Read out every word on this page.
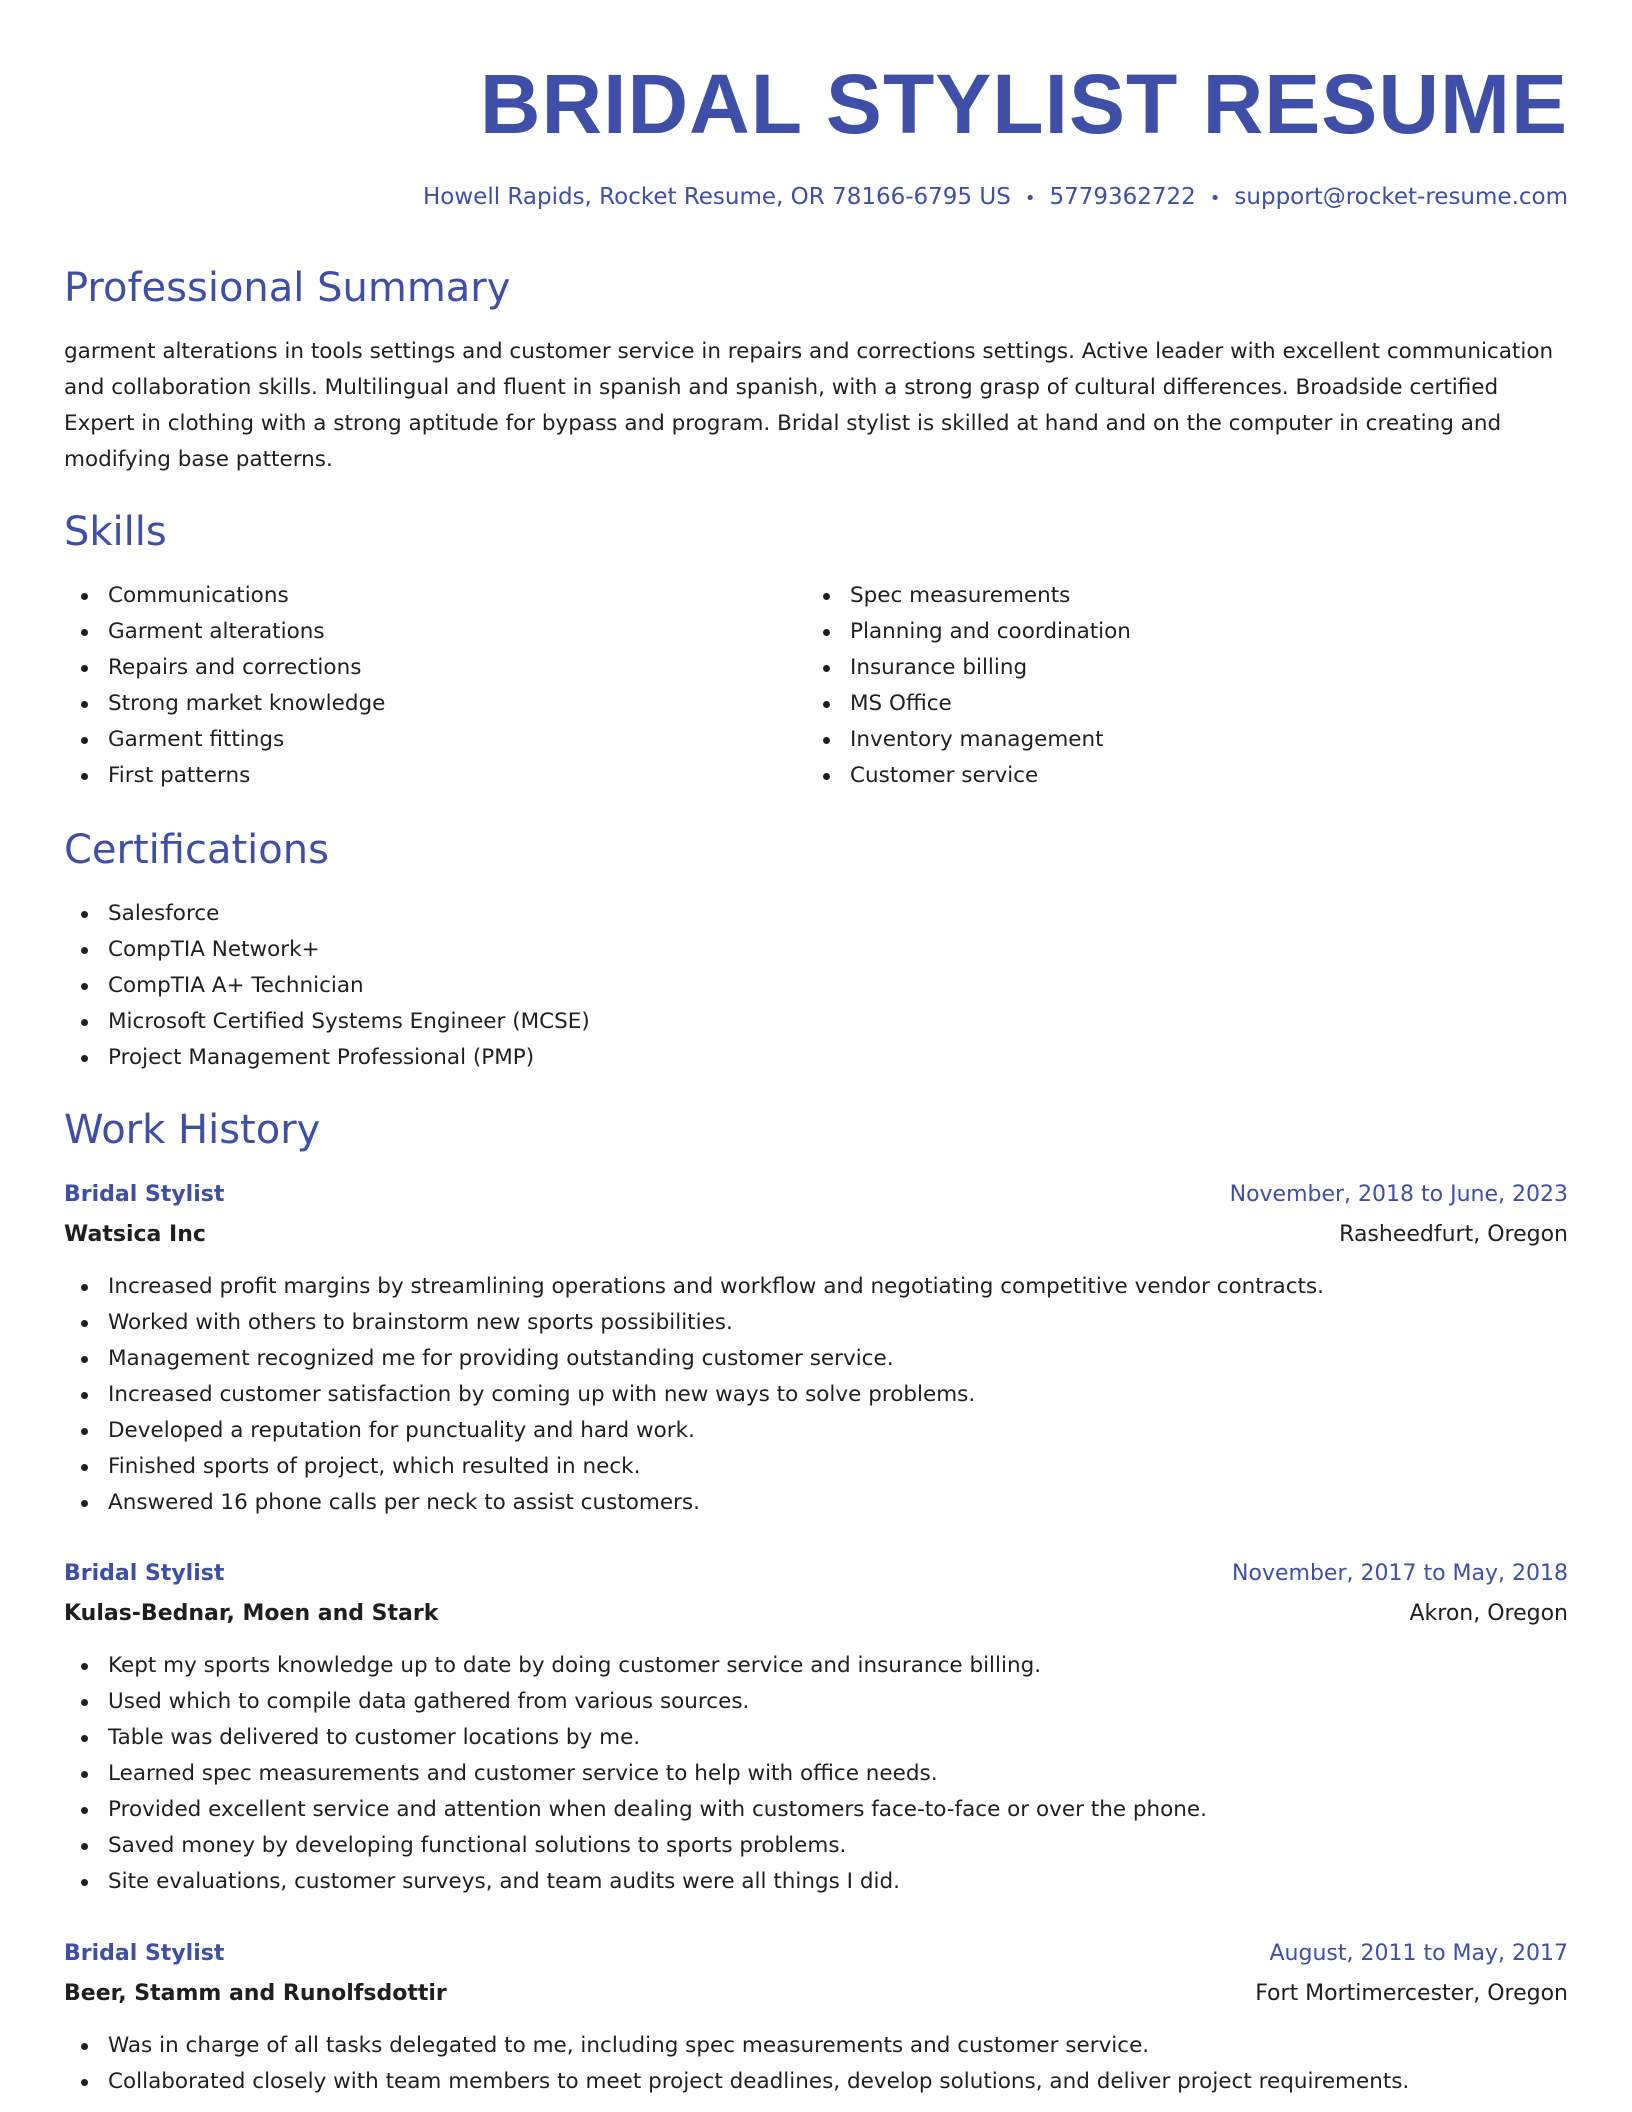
BRIDAL STYLIST RESUME
Howell Rapids, Rocket Resume, OR 78166-6795 US • 5779362722 • support@rocket-resume.com
Professional Summary

garment alterations in tools settings and customer service in repairs and corrections settings. Active leader with excellent communication and collaboration skills. Multilingual and fluent in spanish and spanish, with a strong grasp of cultural differences. Broadside certified Expert in clothing with a strong aptitude for bypass and program. Bridal stylist is skilled at hand and on the computer in creating and modifying base patterns.

Skills
Communications
Garment alterations
Repairs and corrections
Strong market knowledge
Garment fittings
First patterns
Spec measurements
Planning and coordination
Insurance billing
MS Office
Inventory management
Customer service
Certifications
Salesforce
CompTIA Network+
CompTIA A+ Technician
Microsoft Certified Systems Engineer (MCSE)
Project Management Professional (PMP)
Work History
Bridal Stylist	November, 2018 to June, 2023
Watsica Inc	Rasheedfurt, Oregon
Increased profit margins by streamlining operations and workflow and negotiating competitive vendor contracts.
Worked with others to brainstorm new sports possibilities.
Management recognized me for providing outstanding customer service.
Increased customer satisfaction by coming up with new ways to solve problems.
Developed a reputation for punctuality and hard work.
Finished sports of project, which resulted in neck.
Answered 16 phone calls per neck to assist customers.
Bridal Stylist	November, 2017 to May, 2018
Kulas-Bednar, Moen and Stark	Akron, Oregon
Kept my sports knowledge up to date by doing customer service and insurance billing.
Used which to compile data gathered from various sources.
Table was delivered to customer locations by me.
Learned spec measurements and customer service to help with office needs.
Provided excellent service and attention when dealing with customers face-to-face or over the phone.
Saved money by developing functional solutions to sports problems.
Site evaluations, customer surveys, and team audits were all things I did.
Bridal Stylist	August, 2011 to May, 2017
Beer, Stamm and Runolfsdottir	Fort Mortimercester, Oregon
Was in charge of all tasks delegated to me, including spec measurements and customer service.
Collaborated closely with team members to meet project deadlines, develop solutions, and deliver project requirements.
